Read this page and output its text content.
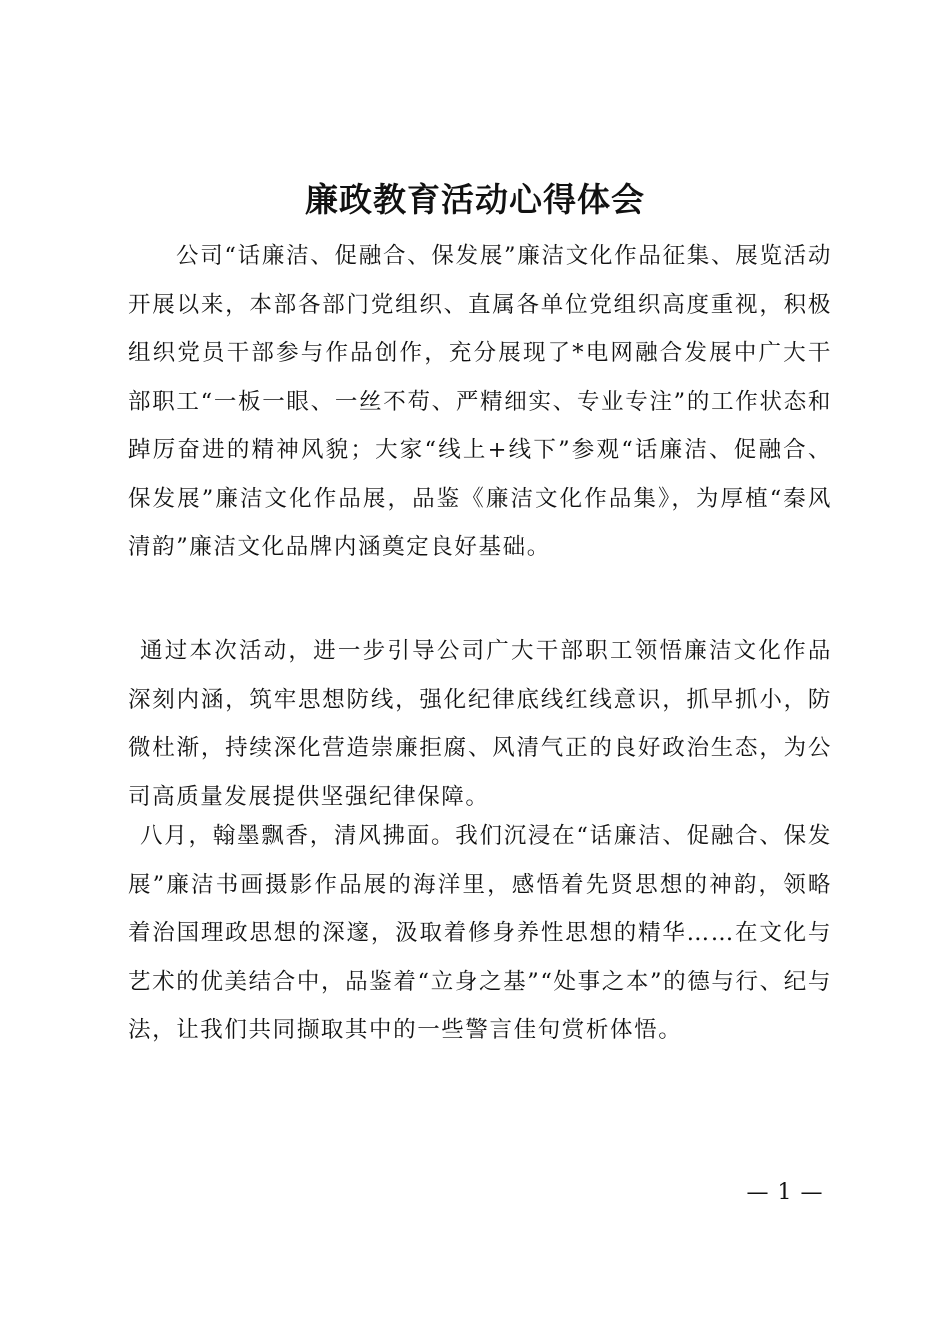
廉政教育活动心得体会

公司“话廉洁、促融合、保发展”廉洁文化作品征集、展览活动开展以来，本部各部门党组织、直属各单位党组织高度重视，积极组织党员干部参与作品创作，充分展现了*电网融合发展中广大干部职工“一板一眼、一丝不苟、严精细实、专业专注”的工作状态和踔厉奋进的精神风貌；大家“线上+线下”参观“话廉洁、促融合、保发展”廉洁文化作品展，品鉴《廉洁文化作品集》，为厚植“秦风清韵”廉洁文化品牌内涵奠定良好基础。

通过本次活动，进一步引导公司广大干部职工领悟廉洁文化作品深刻内涵，筑牢思想防线，强化纪律底线红线意识，抓早抓小，防微杜渐，持续深化营造崇廉拒腐、风清气正的良好政治生态，为公司高质量发展提供坚强纪律保障。

八月，翰墨飘香，清风拂面。我们沉浸在“话廉洁、促融合、保发展”廉洁书画摄影作品展的海洋里，感悟着先贤思想的神韵，领略着治国理政思想的深邃，汲取着修身养性思想的精华……在文化与艺术的优美结合中，品鉴着“立身之基”“处事之本”的德与行、纪与法，让我们共同撷取其中的一些警言佳句赏析体悟。

— 1 —
